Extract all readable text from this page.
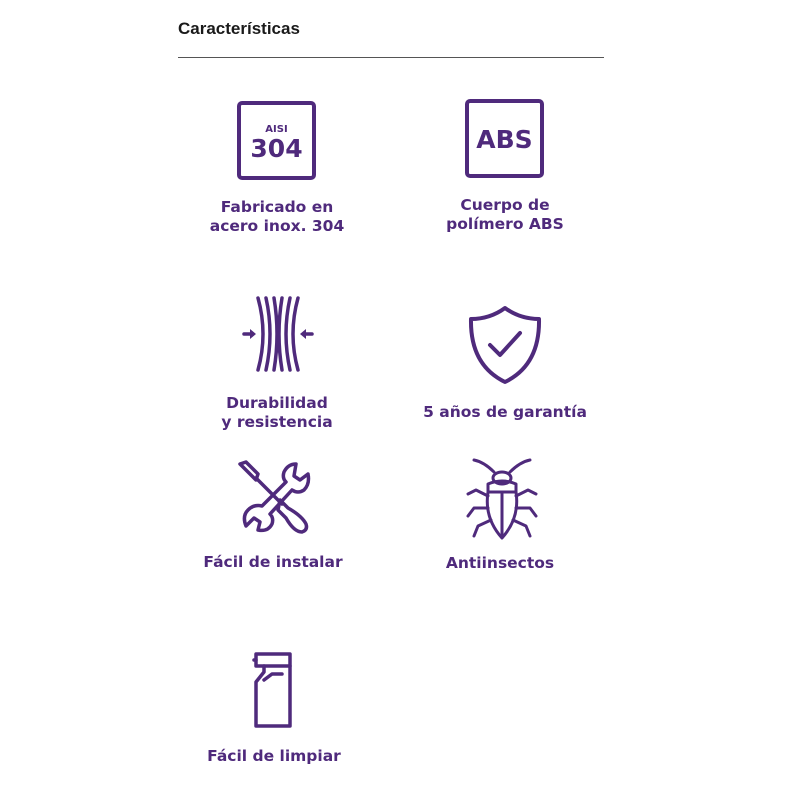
Características
AISI
304
Fabricado en
acero inox. 304
ABS
Cuerpo de
polímero ABS
Durabilidad
y resistencia
5 años de garantía
Fácil de instalar	Antiinsectos
Fácil de limpiar
